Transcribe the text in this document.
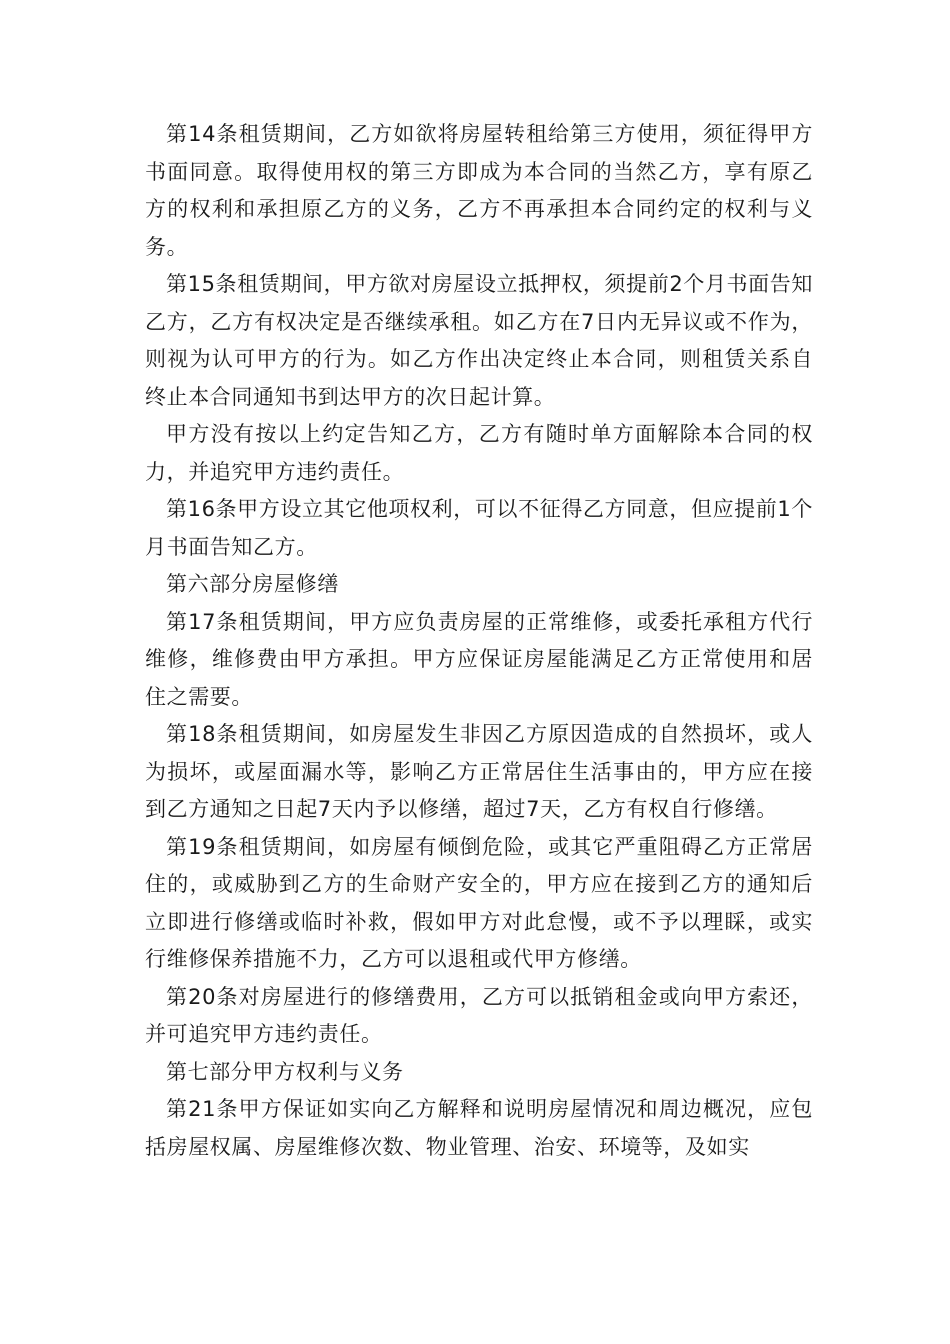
第14条租赁期间，乙方如欲将房屋转租给第三方使用，须征得甲方书面同意。取得使用权的第三方即成为本合同的当然乙方，享有原乙方的权利和承担原乙方的义务，乙方不再承担本合同约定的权利与义务。

第15条租赁期间，甲方欲对房屋设立抵押权，须提前2个月书面告知乙方，乙方有权决定是否继续承租。如乙方在7日内无异议或不作为，则视为认可甲方的行为。如乙方作出决定终止本合同，则租赁关系自终止本合同通知书到达甲方的次日起计算。

甲方没有按以上约定告知乙方，乙方有随时单方面解除本合同的权力，并追究甲方违约责任。

第16条甲方设立其它他项权利，可以不征得乙方同意，但应提前1个月书面告知乙方。

第六部分房屋修缮

第17条租赁期间，甲方应负责房屋的正常维修，或委托承租方代行维修，维修费由甲方承担。甲方应保证房屋能满足乙方正常使用和居住之需要。

第18条租赁期间，如房屋发生非因乙方原因造成的自然损坏，或人为损坏，或屋面漏水等，影响乙方正常居住生活事由的，甲方应在接到乙方通知之日起7天内予以修缮，超过7天，乙方有权自行修缮。

第19条租赁期间，如房屋有倾倒危险，或其它严重阻碍乙方正常居住的，或威胁到乙方的生命财产安全的，甲方应在接到乙方的通知后立即进行修缮或临时补救，假如甲方对此怠慢，或不予以理睬，或实行维修保养措施不力，乙方可以退租或代甲方修缮。

第20条对房屋进行的修缮费用，乙方可以抵销租金或向甲方索还，并可追究甲方违约责任。

第七部分甲方权利与义务

第21条甲方保证如实向乙方解释和说明房屋情况和周边概况，应包括房屋权属、房屋维修次数、物业管理、治安、环境等，及如实
